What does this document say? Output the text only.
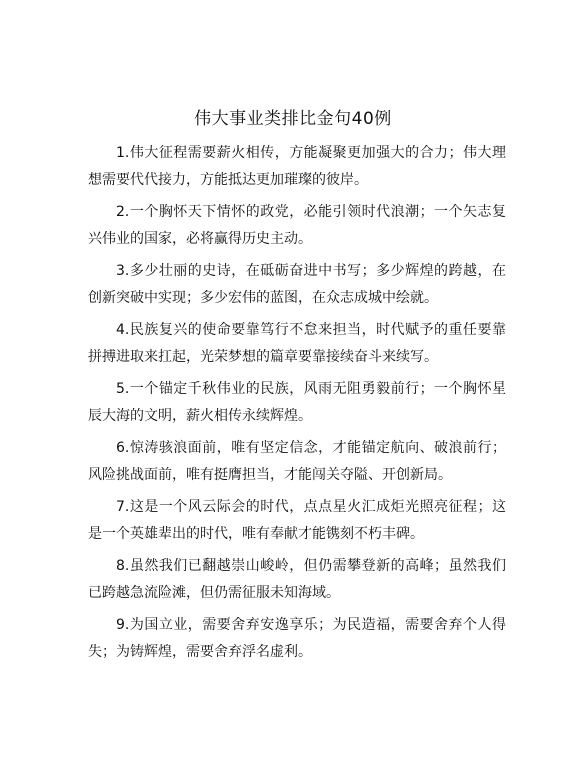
伟大事业类排比金句40例
1.伟大征程需要薪火相传，方能凝聚更加强大的合力；伟大理想需要代代接力，方能抵达更加璀璨的彼岸。
2.一个胸怀天下情怀的政党，必能引领时代浪潮；一个矢志复兴伟业的国家，必将赢得历史主动。
3.多少壮丽的史诗，在砥砺奋进中书写；多少辉煌的跨越，在创新突破中实现；多少宏伟的蓝图，在众志成城中绘就。
4.民族复兴的使命要靠笃行不怠来担当，时代赋予的重任要靠拼搏进取来扛起，光荣梦想的篇章要靠接续奋斗来续写。
5.一个锚定千秋伟业的民族，风雨无阻勇毅前行；一个胸怀星辰大海的文明，薪火相传永续辉煌。
6.惊涛骇浪面前，唯有坚定信念，才能锚定航向、破浪前行；风险挑战面前，唯有挺膺担当，才能闯关夺隘、开创新局。
7.这是一个风云际会的时代，点点星火汇成炬光照亮征程；这是一个英雄辈出的时代，唯有奉献才能镌刻不朽丰碑。
8.虽然我们已翻越崇山峻岭，但仍需攀登新的高峰；虽然我们已跨越急流险滩，但仍需征服未知海域。
9.为国立业，需要舍弃安逸享乐；为民造福，需要舍弃个人得失；为铸辉煌，需要舍弃浮名虚利。
